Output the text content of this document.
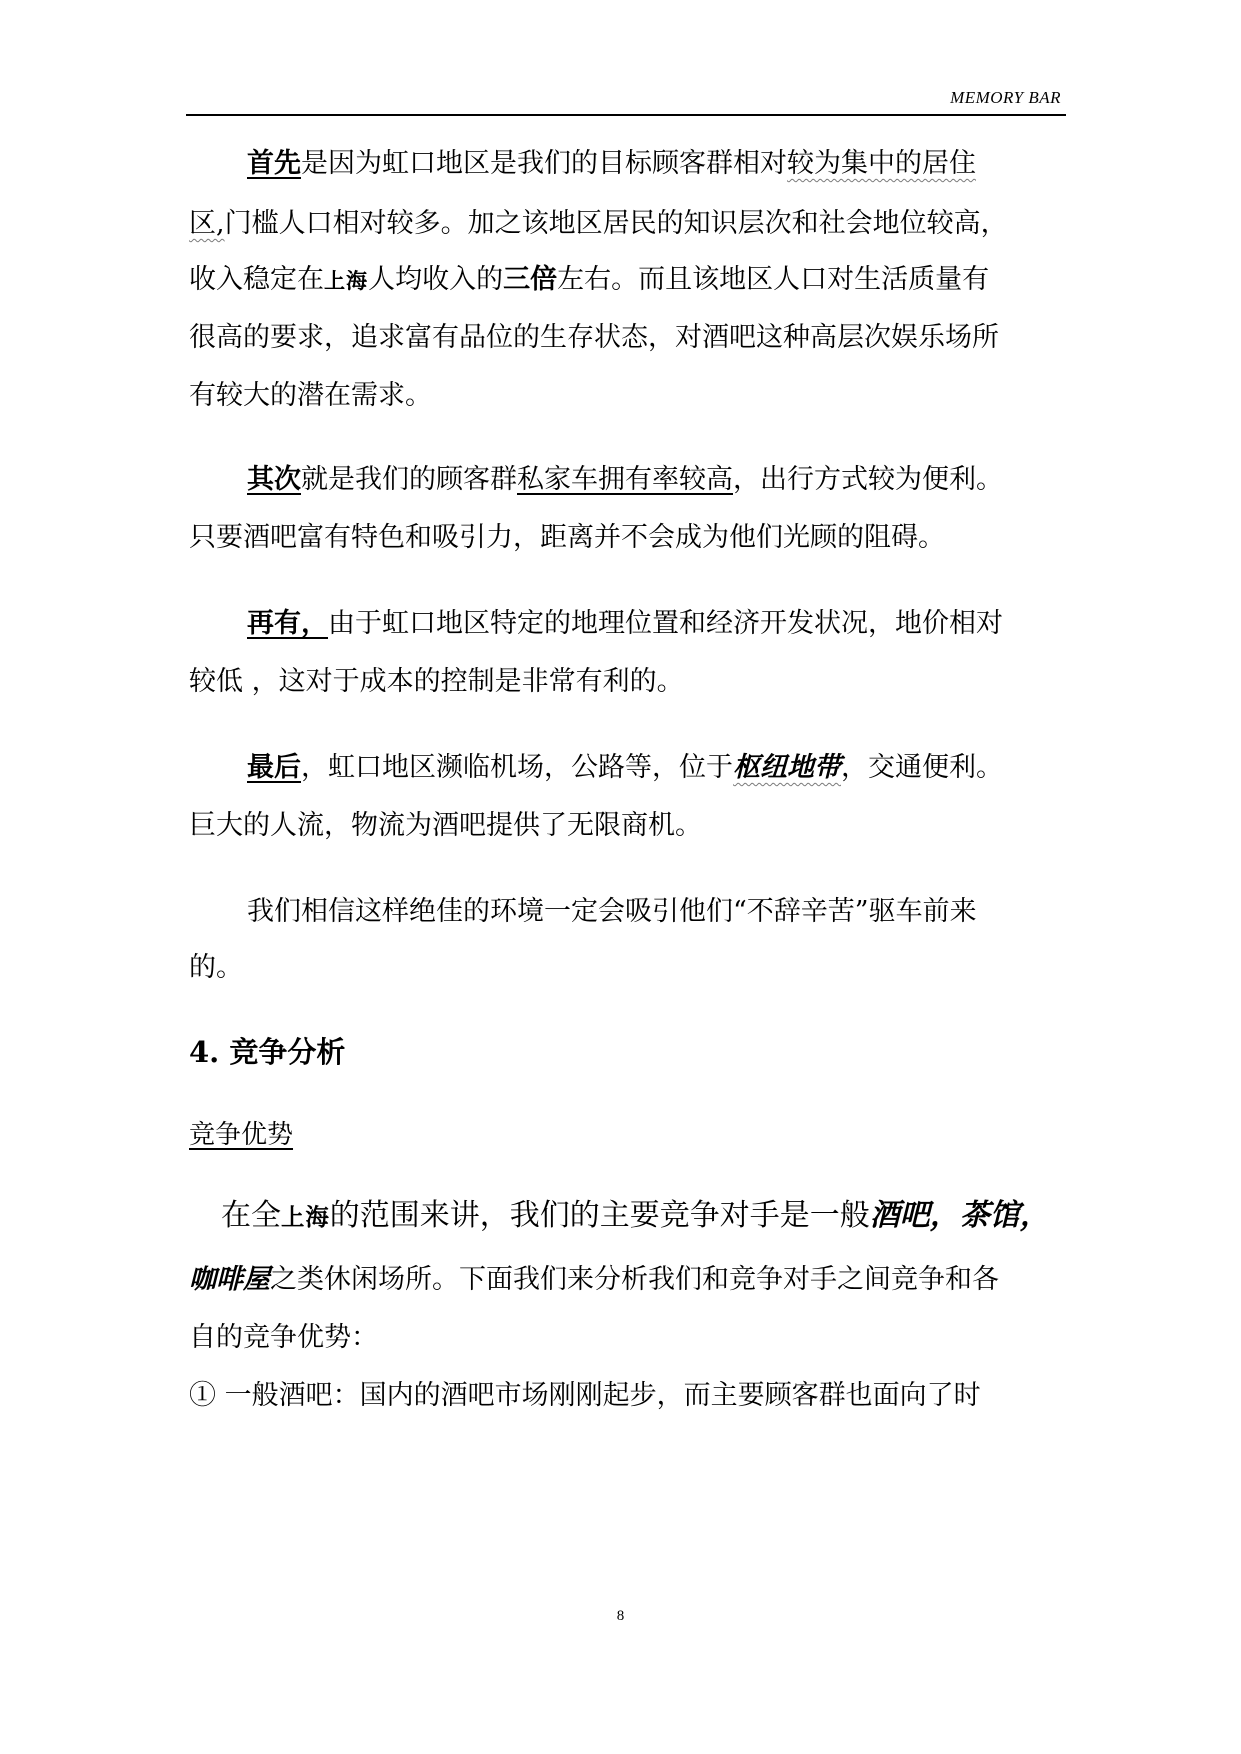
MEMORY BAR
首先是因为虹口地区是我们的目标顾客群相对较为集中的居住
区,门槛人口相对较多。加之该地区居民的知识层次和社会地位较高，
收入稳定在上海人均收入的三倍左右。而且该地区人口对生活质量有
很高的要求，追求富有品位的生存状态，对酒吧这种高层次娱乐场所
有较大的潜在需求。
其次就是我们的顾客群私家车拥有率较高，出行方式较为便利。
只要酒吧富有特色和吸引力，距离并不会成为他们光顾的阻碍。
再有，由于虹口地区特定的地理位置和经济开发状况，地价相对
较低 ，这对于成本的控制是非常有利的。
最后，虹口地区濒临机场，公路等，位于枢纽地带，交通便利。
巨大的人流，物流为酒吧提供了无限商机。
我们相信这样绝佳的环境一定会吸引他们“不辞辛苦”驱车前来
的。
4. 竞争分析
竞争优势
在全上海的范围来讲，我们的主要竞争对手是一般酒吧，茶馆，
咖啡屋之类休闲场所。下面我们来分析我们和竞争对手之间竞争和各
自的竞争优势：
① 一般酒吧：国内的酒吧市场刚刚起步，而主要顾客群也面向了时
8
